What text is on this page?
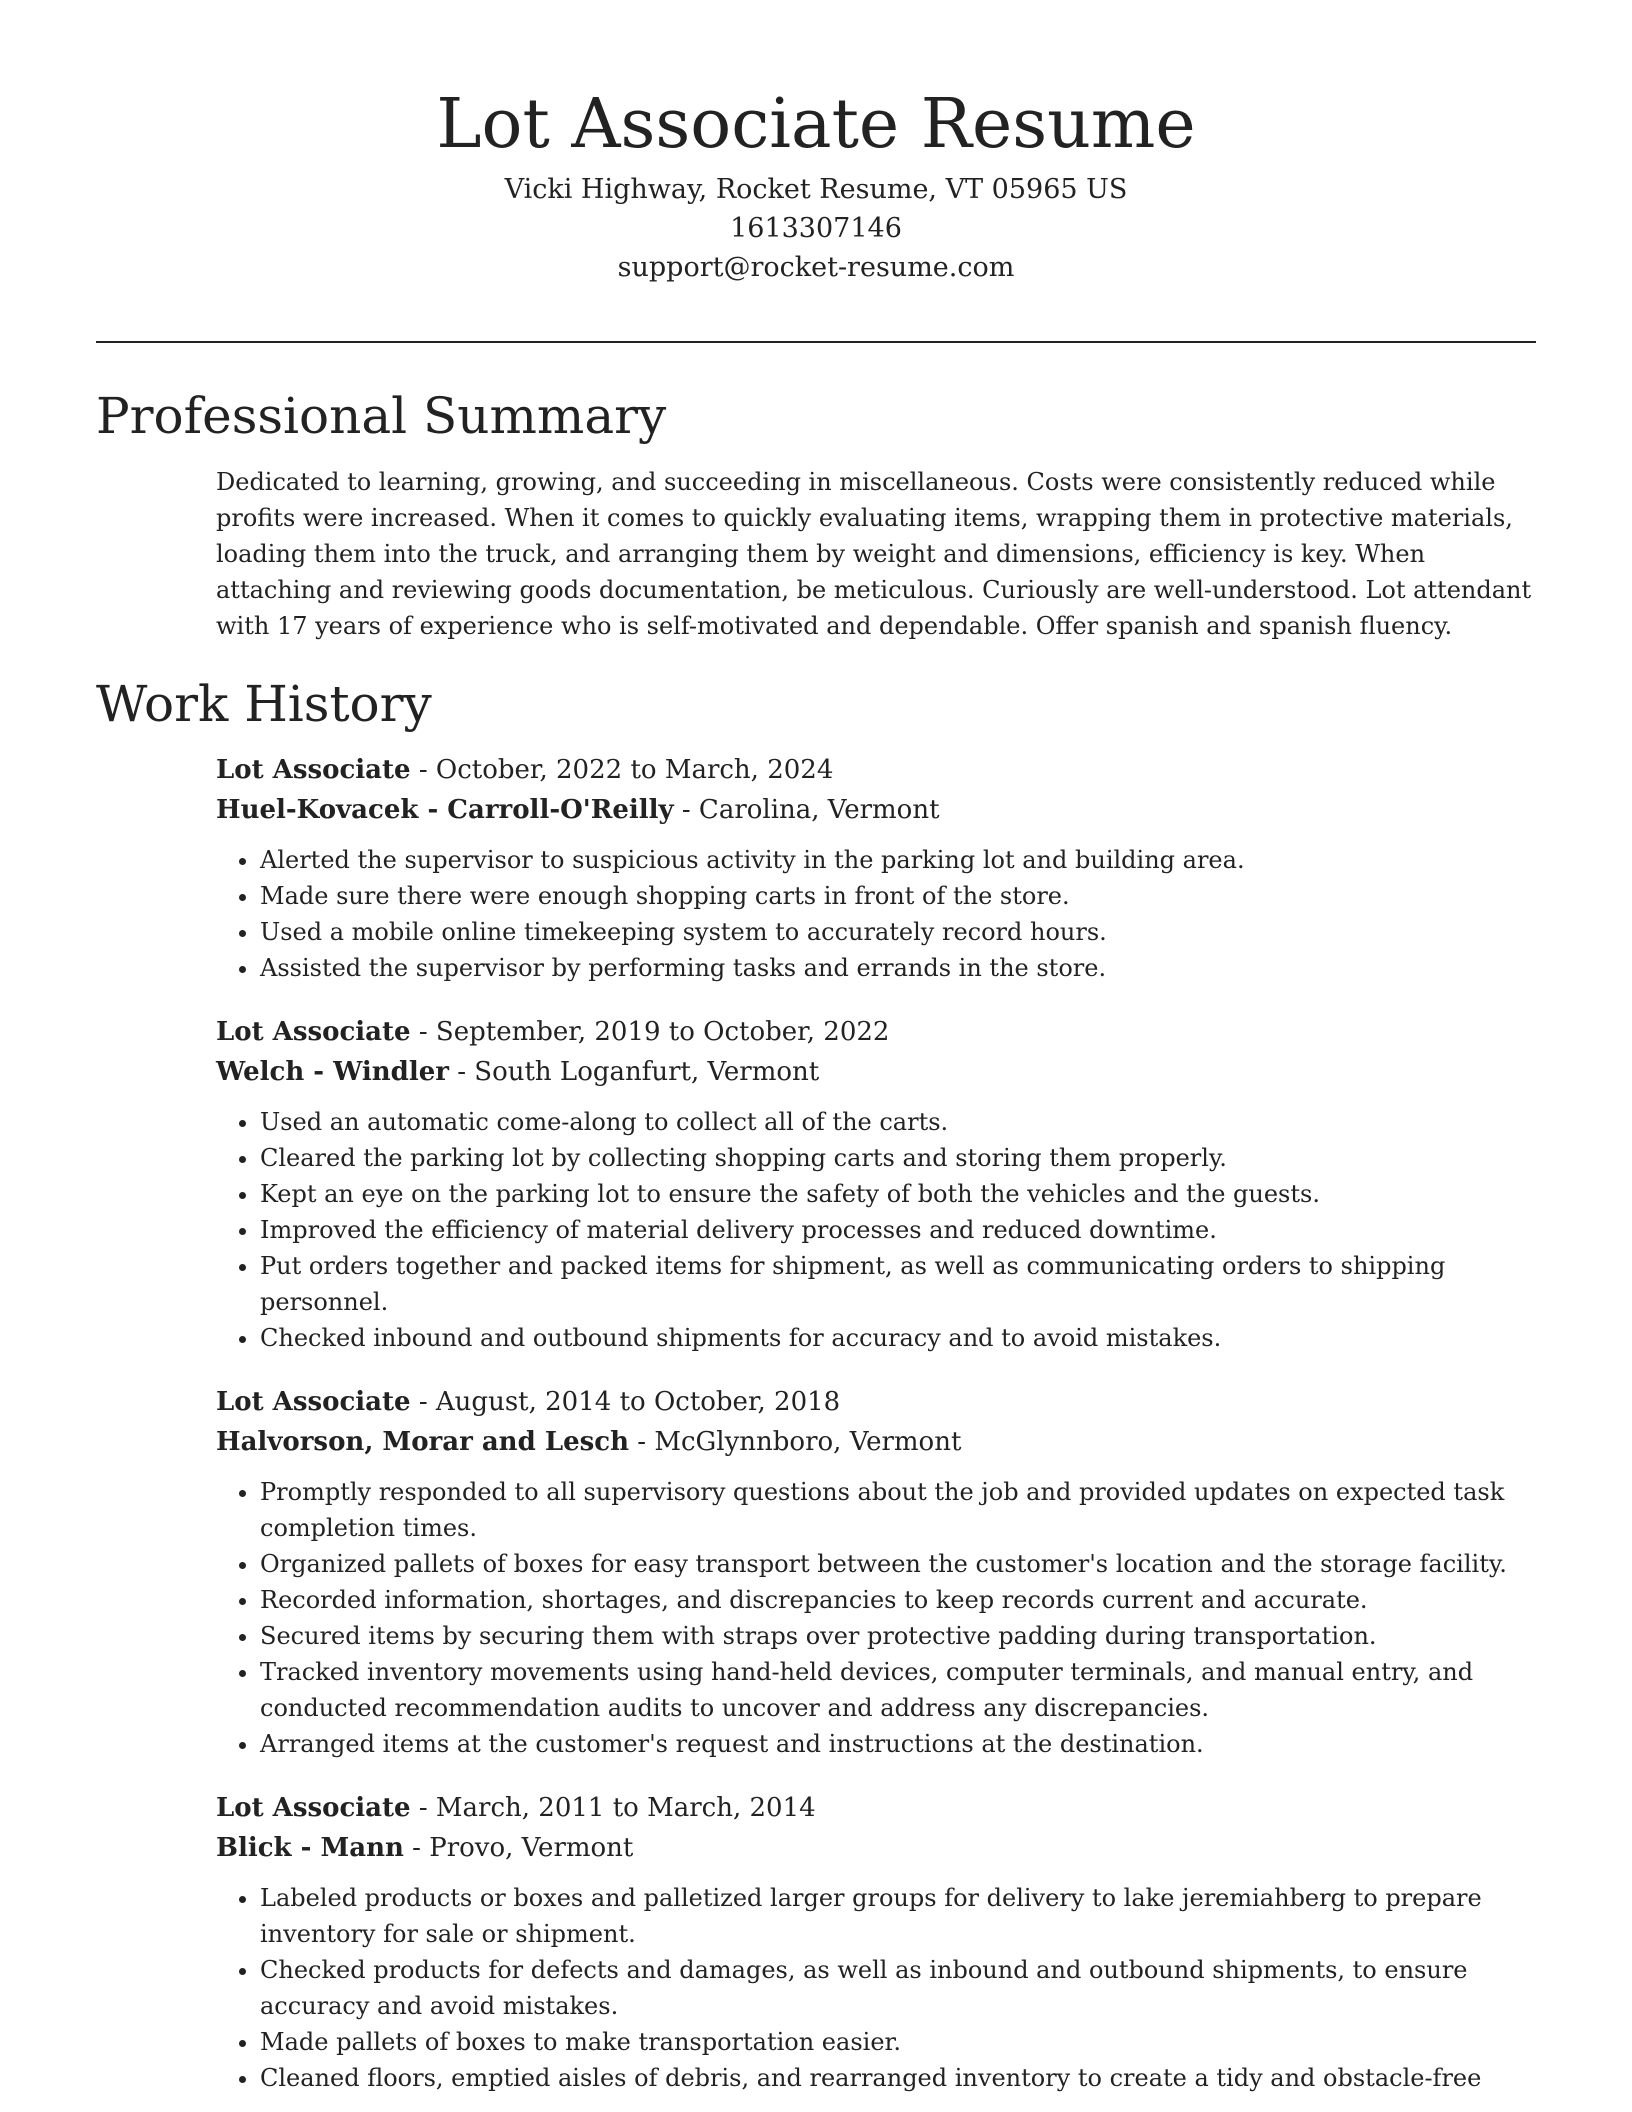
Lot Associate Resume

Vicki Highway, Rocket Resume, VT 05965 US
1613307146
support@rocket-resume.com

Professional Summary

Dedicated to learning, growing, and succeeding in miscellaneous. Costs were consistently reduced while profits were increased. When it comes to quickly evaluating items, wrapping them in protective materials, loading them into the truck, and arranging them by weight and dimensions, efficiency is key. When attaching and reviewing goods documentation, be meticulous. Curiously are well-understood. Lot attendant with 17 years of experience who is self-motivated and dependable. Offer spanish and spanish fluency.

Work History
Lot Associate - October, 2022 to March, 2024
Huel-Kovacek - Carroll-O'Reilly - Carolina, Vermont
• Alerted the supervisor to suspicious activity in the parking lot and building area.
• Made sure there were enough shopping carts in front of the store.
• Used a mobile online timekeeping system to accurately record hours.
• Assisted the supervisor by performing tasks and errands in the store.
Lot Associate - September, 2019 to October, 2022
Welch - Windler - South Loganfurt, Vermont
• Used an automatic come-along to collect all of the carts.
• Cleared the parking lot by collecting shopping carts and storing them properly.
• Kept an eye on the parking lot to ensure the safety of both the vehicles and the guests.
• Improved the efficiency of material delivery processes and reduced downtime.
• Put orders together and packed items for shipment, as well as communicating orders to shipping personnel.
• Checked inbound and outbound shipments for accuracy and to avoid mistakes.
Lot Associate - August, 2014 to October, 2018
Halvorson, Morar and Lesch - McGlynnboro, Vermont
• Promptly responded to all supervisory questions about the job and provided updates on expected task completion times.
• Organized pallets of boxes for easy transport between the customer's location and the storage facility.
• Recorded information, shortages, and discrepancies to keep records current and accurate.
• Secured items by securing them with straps over protective padding during transportation.
• Tracked inventory movements using hand-held devices, computer terminals, and manual entry, and conducted recommendation audits to uncover and address any discrepancies.
• Arranged items at the customer's request and instructions at the destination.
Lot Associate - March, 2011 to March, 2014
Blick - Mann - Provo, Vermont
• Labeled products or boxes and palletized larger groups for delivery to lake jeremiahberg to prepare inventory for sale or shipment.
• Checked products for defects and damages, as well as inbound and outbound shipments, to ensure accuracy and avoid mistakes.
• Made pallets of boxes to make transportation easier.
• Cleaned floors, emptied aisles of debris, and rearranged inventory to create a tidy and obstacle-free
